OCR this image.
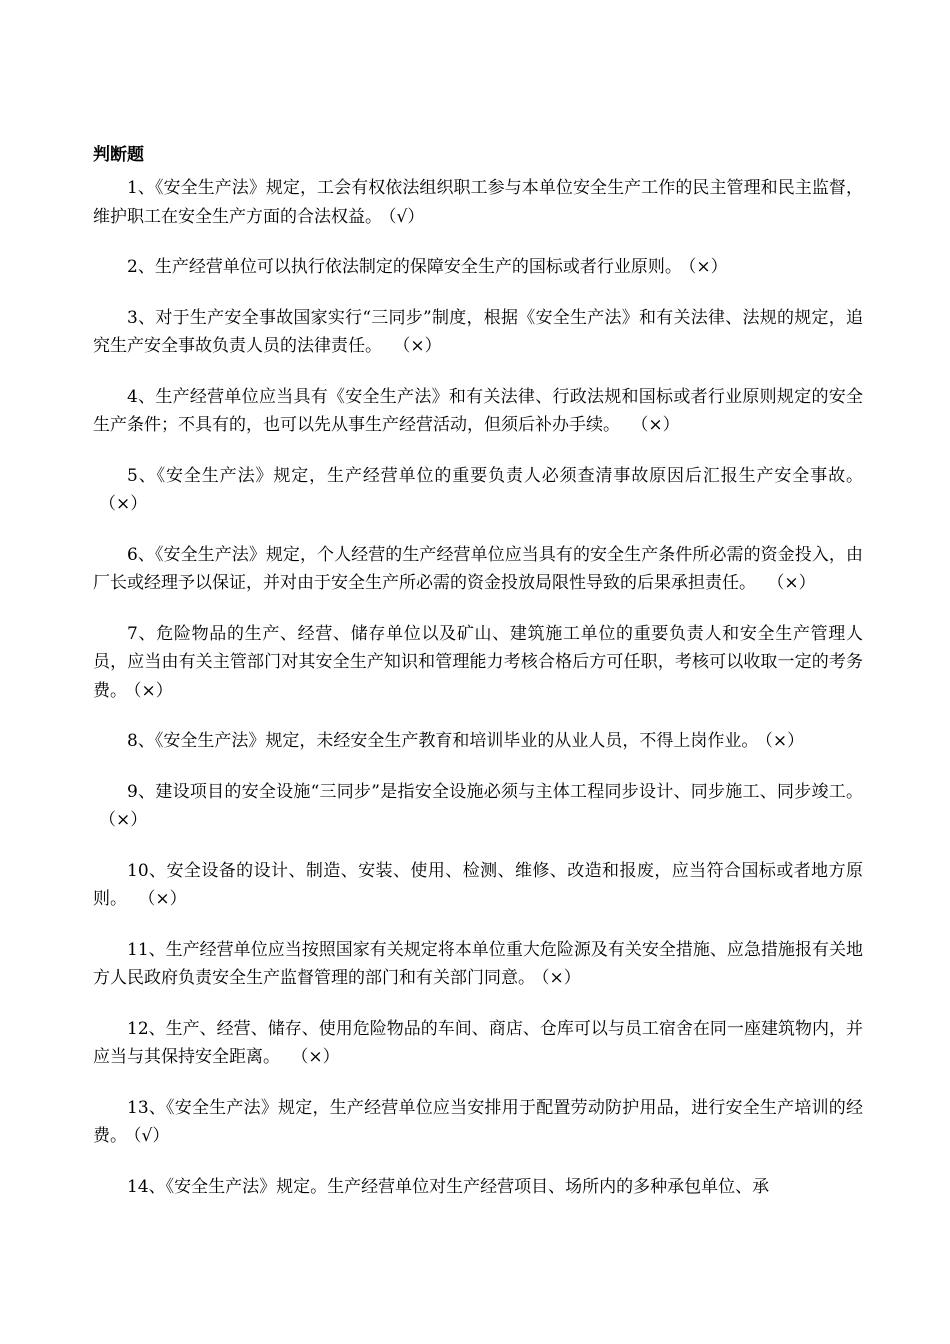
判断题
1、《安全生产法》规定，工会有权依法组织职工参与本单位安全生产工作的民主管理和民主监督，维护职工在安全生产方面的合法权益。 （√）
2、生产经营单位可以执行依法制定的保障安全生产的国标或者行业原则。 （×）
3、对于生产安全事故国家实行“三同步”制度，根据《安全生产法》和有关法律、法规的规定，追究生产安全事故负责人员的法律责任。 （×）
4、生产经营单位应当具有《安全生产法》和有关法律、行政法规和国标或者行业原则规定的安全生产条件；不具有的，也可以先从事生产经营活动，但须后补办手续。 （×）
5、《安全生产法》规定，生产经营单位的重要负责人必须查清事故原因后汇报生产安全事故。（×）
6、《安全生产法》规定，个人经营的生产经营单位应当具有的安全生产条件所必需的资金投入，由厂长或经理予以保证，并对由于安全生产所必需的资金投放局限性导致的后果承担责任。 （×）
7、危险物品的生产、经营、储存单位以及矿山、建筑施工单位的重要负责人和安全生产管理人员，应当由有关主管部门对其安全生产知识和管理能力考核合格后方可任职，考核可以收取一定的考务费。 （×）
8、《安全生产法》规定，未经安全生产教育和培训毕业的从业人员，不得上岗作业。 （×）
9、建设项目的安全设施“三同步”是指安全设施必须与主体工程同步设计、同步施工、同步竣工。（×）
10、安全设备的设计、制造、安装、使用、检测、维修、改造和报废，应当符合国标或者地方原则。 （×）
11、生产经营单位应当按照国家有关规定将本单位重大危险源及有关安全措施、应急措施报有关地方人民政府负责安全生产监督管理的部门和有关部门同意。 （×）
12、生产、经营、储存、使用危险物品的车间、商店、仓库可以与员工宿舍在同一座建筑物内，并应当与其保持安全距离。 （×）
13、《安全生产法》规定，生产经营单位应当安排用于配置劳动防护用品，进行安全生产培训的经费。 （√）
14、《安全生产法》规定。生产经营单位对生产经营项目、场所内的多种承包单位、承
